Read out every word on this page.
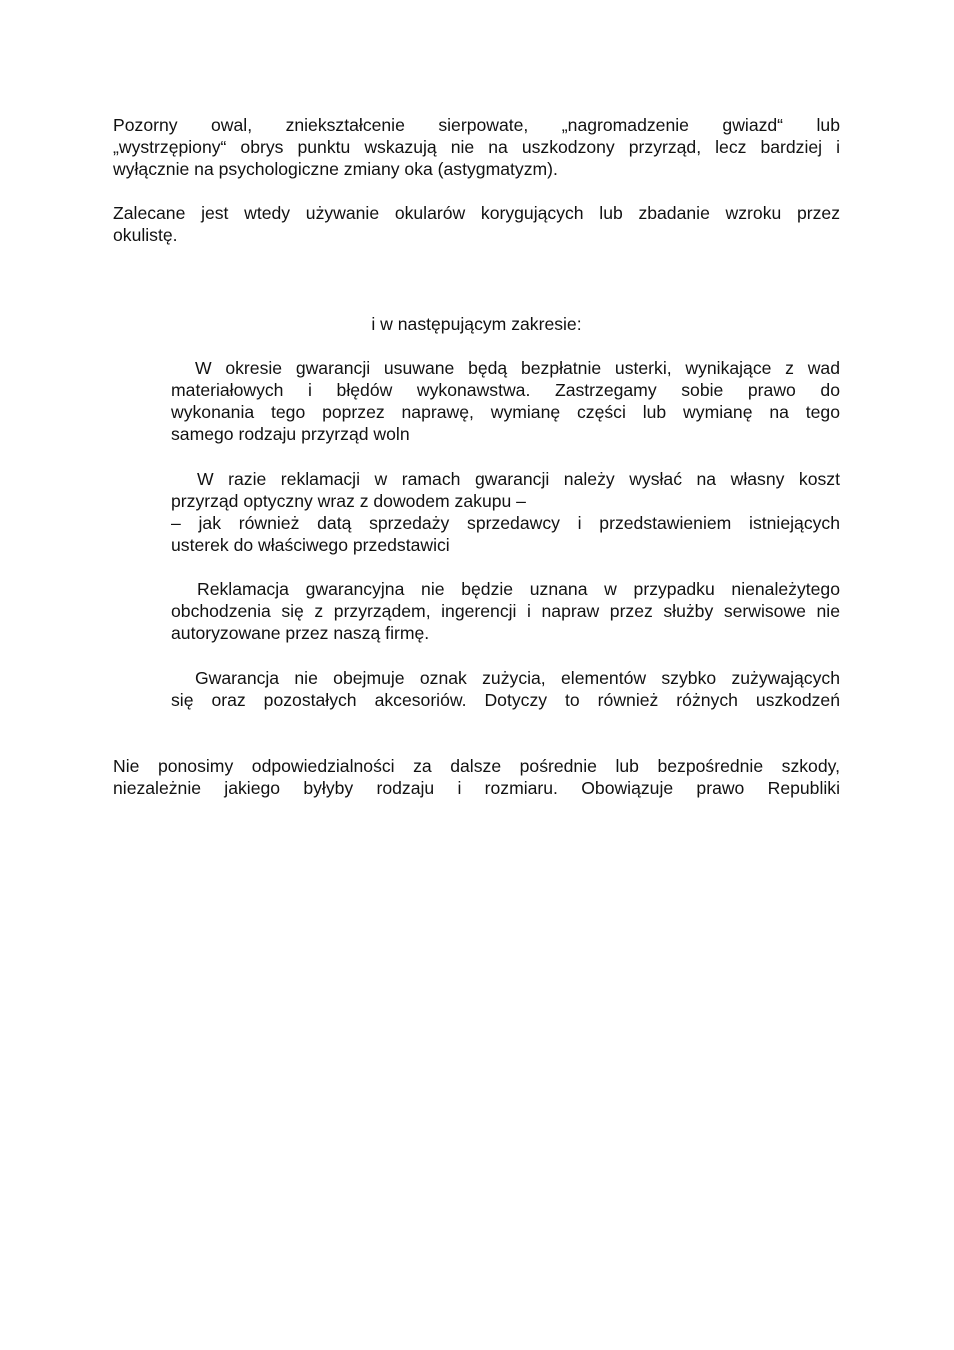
Pozorny owal, zniekształcenie sierpowate, „nagromadzenie gwiazd“ lub
„wystrzępiony“ obrys punktu wskazują nie na uszkodzony przyrząd, lecz bardziej i
wyłącznie na psychologiczne zmiany oka (astygmatyzm).
Zalecane jest wtedy używanie okularów korygujących lub zbadanie wzroku przez
okulistę.
i w następującym zakresie:
W okresie gwarancji usuwane będą bezpłatnie usterki, wynikające z wad
materiałowych i błędów wykonawstwa. Zastrzegamy sobie prawo do
wykonania tego poprzez naprawę, wymianę części lub wymianę na tego
samego rodzaju przyrząd woln
W razie reklamacji w ramach gwarancji należy wysłać na własny koszt
przyrząd optyczny wraz z dowodem zakupu –
– jak również datą sprzedaży sprzedawcy i przedstawieniem istniejących
usterek do właściwego przedstawici
Reklamacja gwarancyjna nie będzie uznana w przypadku nienależytego
obchodzenia się z przyrządem, ingerencji i napraw przez służby serwisowe nie
autoryzowane przez naszą firmę.
Gwarancja nie obejmuje oznak zużycia, elementów szybko zużywających
się oraz pozostałych akcesoriów. Dotyczy to również różnych uszkodzeń
Nie ponosimy odpowiedzialności za dalsze pośrednie lub bezpośrednie szkody,
niezależnie jakiego byłyby rodzaju i rozmiaru. Obowiązuje prawo Republiki
